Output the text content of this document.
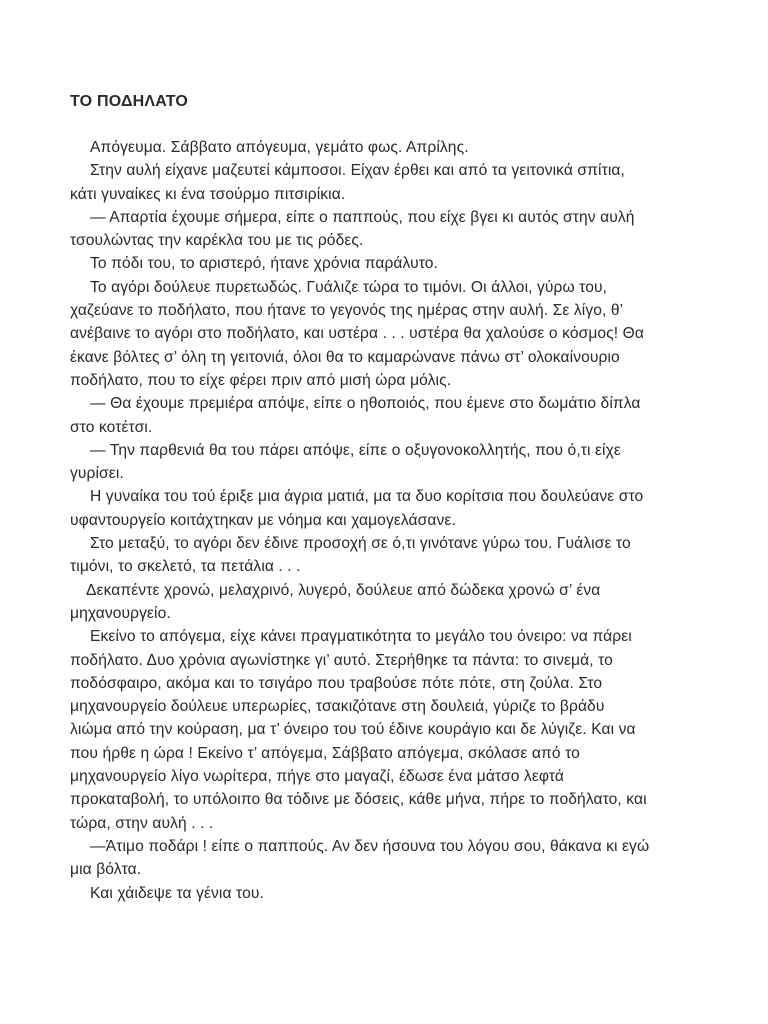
ΤΟ ΠΟΔΗΛΑΤΟ
Απόγευμα. Σάββατο απόγευμα, γεμάτο φως. Απρίλης.
Στην αυλή είχανε μαζευτεί κάμποσοι. Είχαν έρθει και από τα γειτονικά σπίτια,
κάτι γυναίκες κι ένα τσούρμο πιτσιρίκια.
— Απαρτία έχουμε σήμερα, είπε ο παππούς, που είχε βγει κι αυτός στην αυλή
τσουλώντας την καρέκλα του με τις ρόδες.
Το πόδι του, το αριστερό, ήτανε χρόνια παράλυτο.
Το αγόρι δούλευε πυρετωδώς. Γυάλιζε τώρα το τιμόνι. Οι άλλοι, γύρω του,
χαζεύανε το ποδήλατο, που ήτανε το γεγονός της ημέρας στην αυλή. Σε λίγο, θ’
ανέβαινε το αγόρι στο ποδήλατο, και υστέρα . . . υστέρα θα χαλούσε ο κόσμος! Θα
έκανε βόλτες σ’ όλη τη γειτονιά, όλοι θα το καμαρώνανε πάνω στ’ ολοκαίνουριο
ποδήλατο, που το είχε φέρει πριν από μισή ώρα μόλις.
— Θα έχουμε πρεμιέρα απόψε, είπε ο ηθοποιός, που έμενε στο δωμάτιο δίπλα
στο κοτέτσι.
— Την παρθενιά θα του πάρει απόψε, είπε ο οξυγονοκολλητής, που ό,τι είχε
γυρίσει.
Η γυναίκα του τού έριξε μια άγρια ματιά, μα τα δυο κορίτσια που δουλεύανε στο
υφαντουργείο κοιτάχτηκαν με νόημα και χαμογελάσανε.
Στο μεταξύ, το αγόρι δεν έδινε προσοχή σε ό,τι γινότανε γύρω του. Γυάλισε το
τιμόνι, το σκελετό, τα πετάλια . . .
Δεκαπέντε χρονώ, μελαχρινό, λυγερό, δούλευε από δώδεκα χρονώ σ’ ένα
μηχανουργείο.
Εκείνο το απόγεμα, είχε κάνει πραγματικότητα το μεγάλο του όνειρο: να πάρει
ποδήλατο. Δυο χρόνια αγωνίστηκε γι’ αυτό. Στερήθηκε τα πάντα: το σινεμά, το
ποδόσφαιρο, ακόμα και το τσιγάρο που τραβούσε πότε πότε, στη ζούλα. Στο
μηχανουργείο δούλευε υπερωρίες, τσακιζότανε στη δουλειά, γύριζε το βράδυ
λιώμα από την κούραση, μα τ’ όνειρο του τού έδινε κουράγιο και δε λύγιζε. Και να
που ήρθε η ώρα ! Εκείνο τ’ απόγεμα, Σάββατο απόγεμα, σκόλασε από το
μηχανουργείο λίγο νωρίτερα, πήγε στο μαγαζί, έδωσε ένα μάτσο λεφτά
προκαταβολή, το υπόλοιπο θα τόδινε με δόσεις, κάθε μήνα, πήρε το ποδήλατο, και
τώρα, στην αυλή . . .
—Άτιμο ποδάρι ! είπε ο παππούς. Αν δεν ήσουνα του λόγου σου, θάκανα κι εγώ
μια βόλτα.
Και χάιδεψε τα γένια του.
